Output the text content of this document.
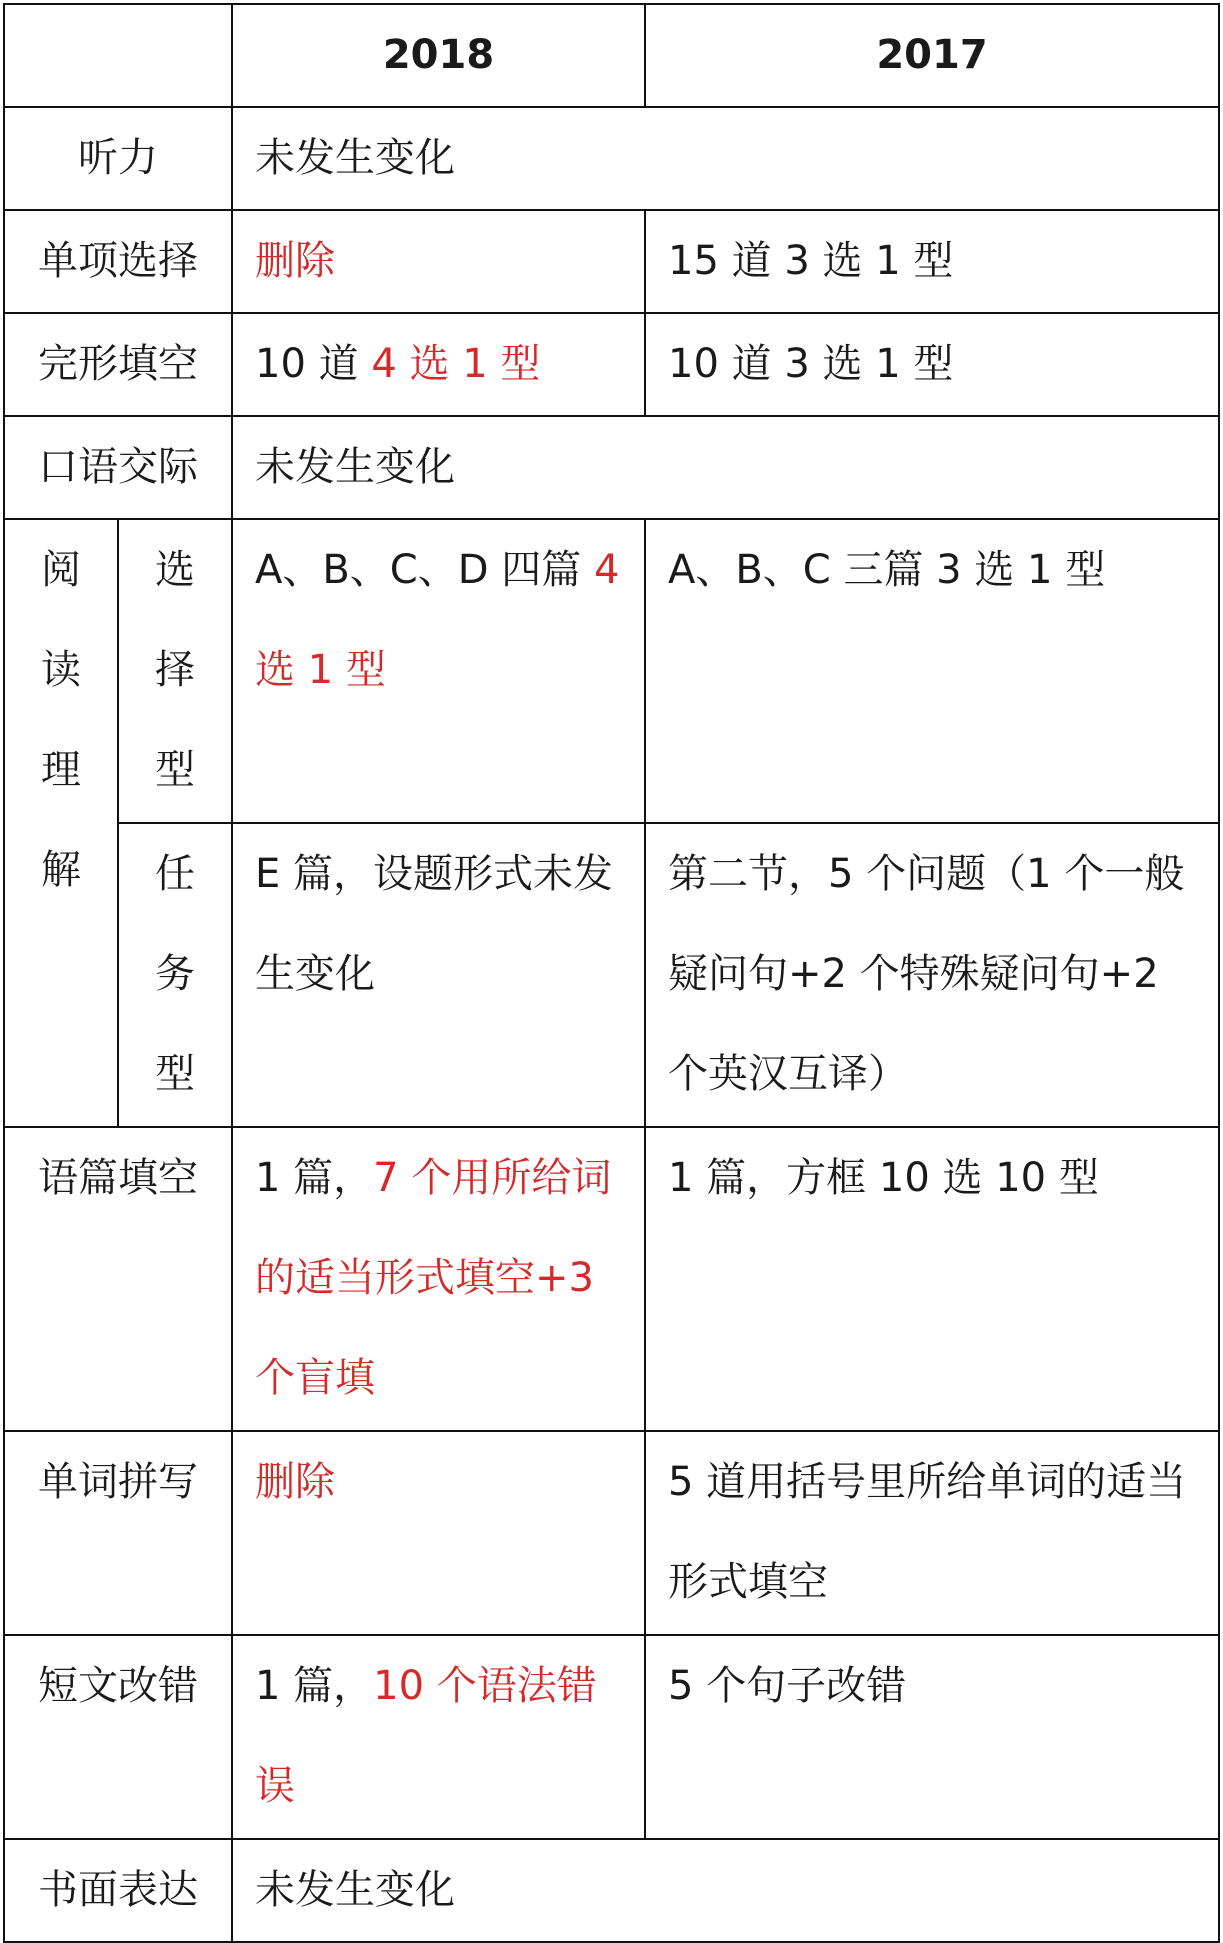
		2018	2017
听力		未发生变化	
单项选择		删除	15 道 3 选 1 型
完形填空		10 道 4 选 1 型	10 道 3 选 1 型
口语交际		未发生变化	

阅读理解	选择型	A、B、C、D 四篇 4 选 1 型	A、B、C 三篇 3 选 1 型

	任务型	E 篇，设题形式未发生变化	第二节，5 个问题（1 个一般疑问句+2 个特殊疑问句+2 个英汉互译）
语篇填空		1 篇，7 个用所给词的适当形式填空+3 个盲填	1 篇，方框 10 选 10 型
单词拼写		删除	5 道用括号里所给单词的适当形式填空
短文改错		1 篇，10 个语法错误	5 个句子改错
书面表达		未发生变化	
